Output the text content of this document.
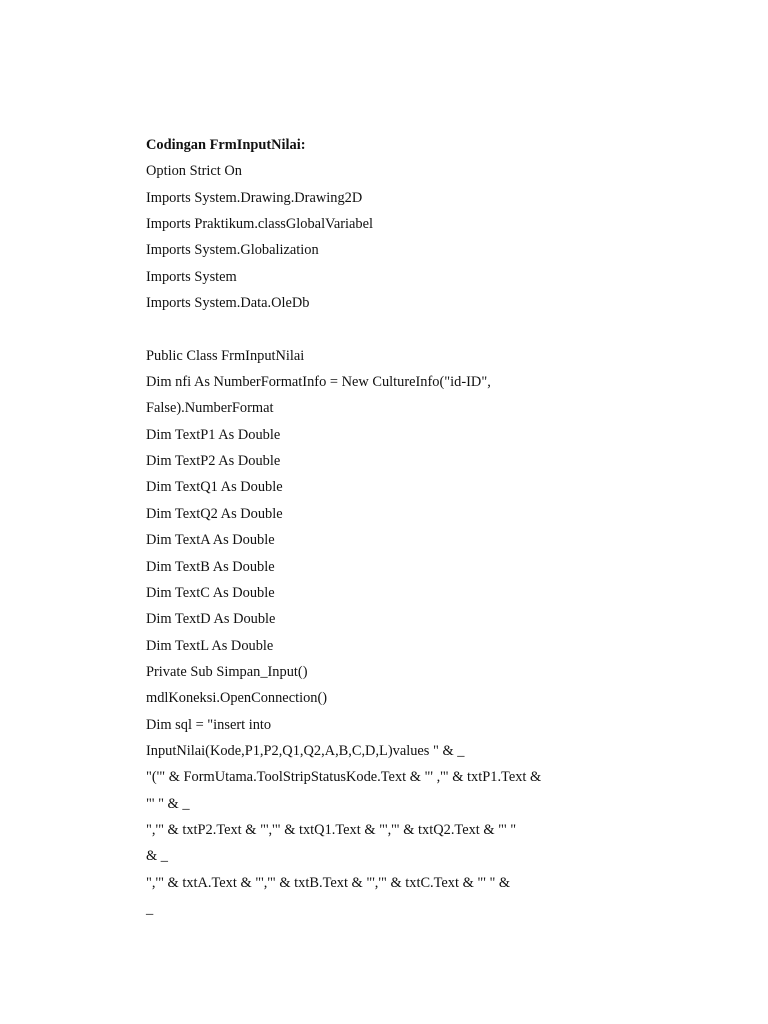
Codingan FrmInputNilai:
Option Strict On
Imports System.Drawing.Drawing2D
Imports Praktikum.classGlobalVariabel
Imports System.Globalization
Imports System
Imports System.Data.OleDb
Public Class FrmInputNilai
Dim nfi As NumberFormatInfo = New CultureInfo("id-ID",
False).NumberFormat
Dim TextP1 As Double
Dim TextP2 As Double
Dim TextQ1 As Double
Dim TextQ2 As Double
Dim TextA As Double
Dim TextB As Double
Dim TextC As Double
Dim TextD As Double
Dim TextL As Double
Private Sub Simpan_Input()
mdlKoneksi.OpenConnection()
Dim sql = "insert into
InputNilai(Kode,P1,P2,Q1,Q2,A,B,C,D,L)values " & _
"('" & FormUtama.ToolStripStatusKode.Text & "' ,'" & txtP1.Text &
"' " & _
",'" & txtP2.Text & "','" & txtQ1.Text & "','" & txtQ2.Text & "' "
& _
",'" & txtA.Text & "','" & txtB.Text & "','" & txtC.Text & "' " &
_
